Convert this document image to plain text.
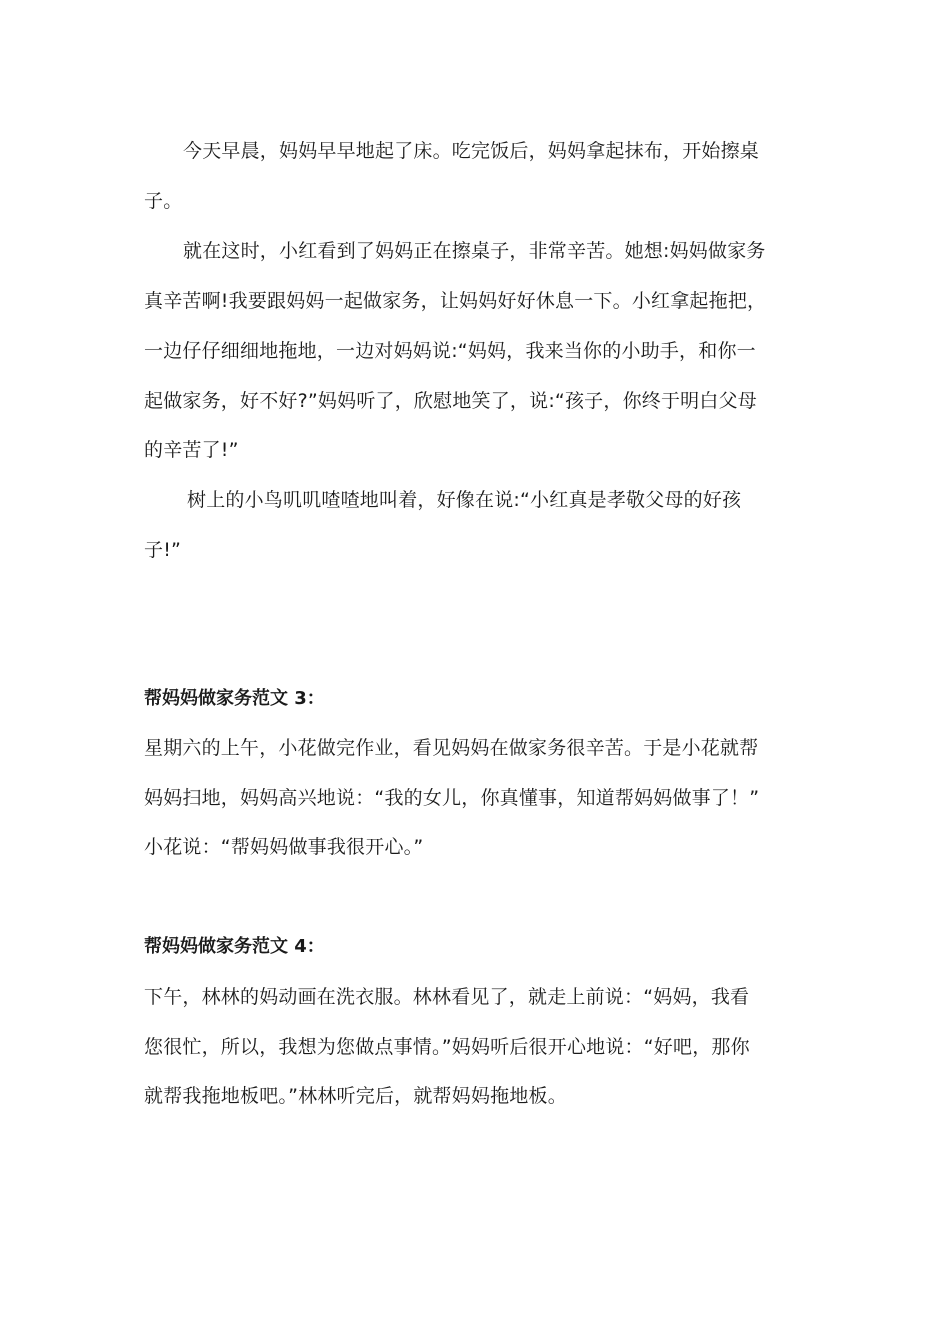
今天早晨，妈妈早早地起了床。吃完饭后，妈妈拿起抹布，开始擦桌
子。
就在这时，小红看到了妈妈正在擦桌子，非常辛苦。她想:妈妈做家务
真辛苦啊!我要跟妈妈一起做家务，让妈妈好好休息一下。小红拿起拖把，
一边仔仔细细地拖地，一边对妈妈说:“妈妈，我来当你的小助手，和你一
起做家务，好不好?”妈妈听了，欣慰地笑了，说:“孩子，你终于明白父母
的辛苦了!”
树上的小鸟叽叽喳喳地叫着，好像在说:“小红真是孝敬父母的好孩
子!”
帮妈妈做家务范文 3：
星期六的上午，小花做完作业，看见妈妈在做家务很辛苦。于是小花就帮
妈妈扫地，妈妈高兴地说：“我的女儿，你真懂事，知道帮妈妈做事了！”
小花说：“帮妈妈做事我很开心。”
帮妈妈做家务范文 4：
下午，林林的妈动画在洗衣服。林林看见了，就走上前说：“妈妈，我看
您很忙，所以，我想为您做点事情。”妈妈听后很开心地说：“好吧，那你
就帮我拖地板吧。”林林听完后，就帮妈妈拖地板。
